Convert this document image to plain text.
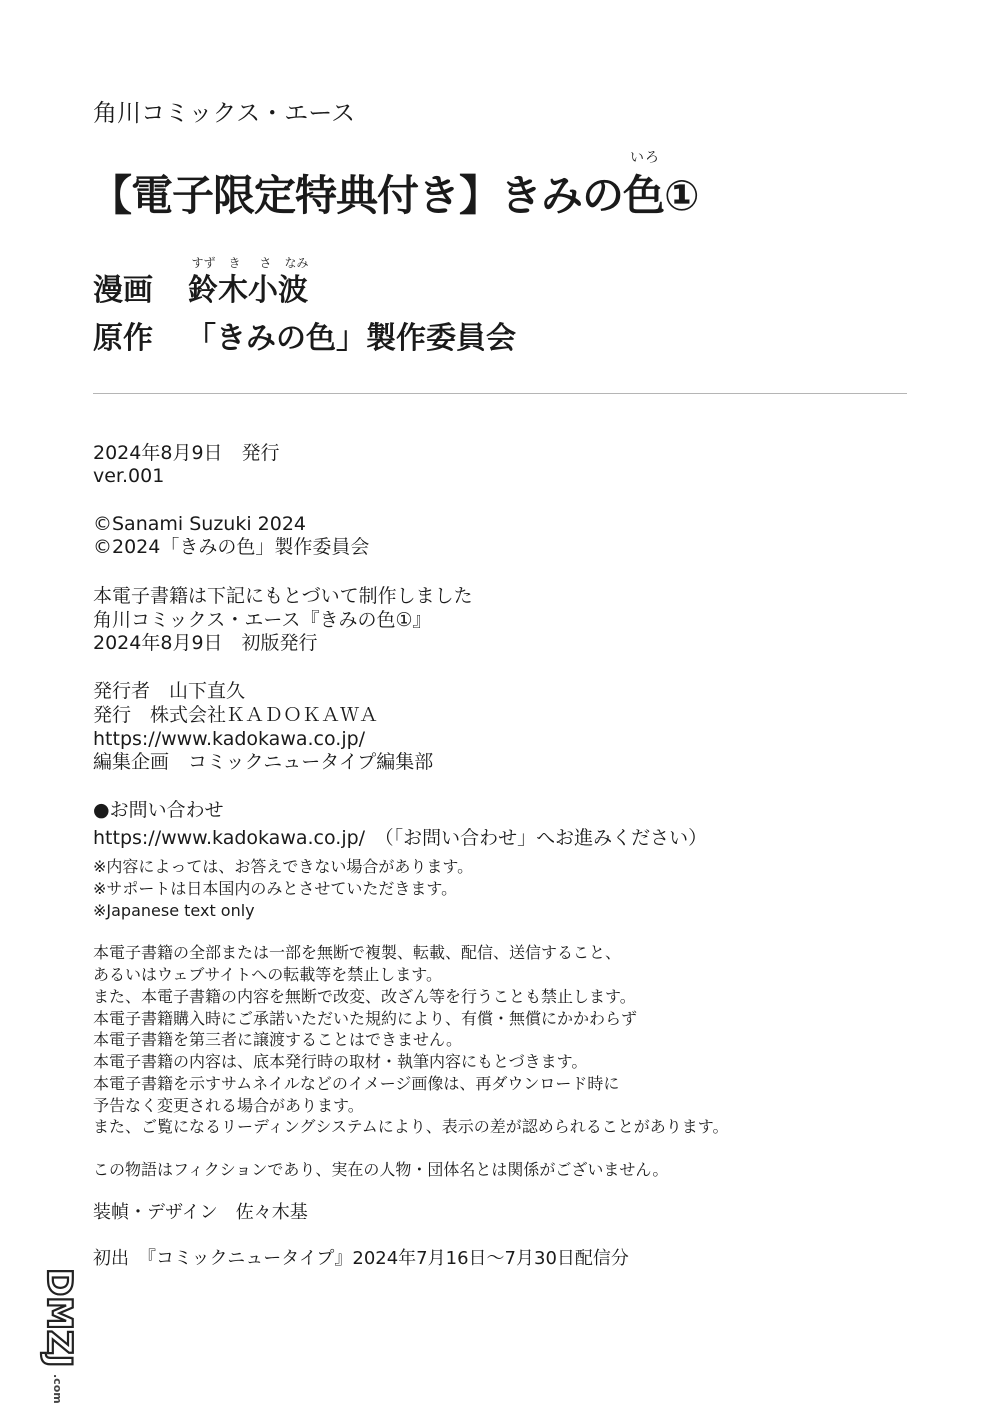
角川コミックス・エース
【電子限定特典付き】きみの色①
いろ
漫画 鈴木小波
すず	き	さ	なみ
原作 「きみの色」製作委員会
2024年8月9日　発行
ver.001
©Sanami Suzuki 2024
©2024「きみの色」製作委員会
本電子書籍は下記にもとづいて制作しました
角川コミックス・エース『きみの色①』
2024年8月9日　初版発行
発行者　山下直久
発行　株式会社ＫＡＤＯＫＡＷＡ
https://www.kadokawa.co.jp/
編集企画　コミックニュータイプ編集部
●お問い合わせ
https://www.kadokawa.co.jp/　（「お問い合わせ」へお進みください）
※内容によっては、お答えできない場合があります。
※サポートは日本国内のみとさせていただきます。
※Japanese text only
本電子書籍の全部または一部を無断で複製、転載、配信、送信すること、
あるいはウェブサイトへの転載等を禁止します。
また、本電子書籍の内容を無断で改変、改ざん等を行うことも禁止します。
本電子書籍購入時にご承諾いただいた規約により、有償・無償にかかわらず
本電子書籍を第三者に譲渡することはできません。
本電子書籍の内容は、底本発行時の取材・執筆内容にもとづきます。
本電子書籍を示すサムネイルなどのイメージ画像は、再ダウンロード時に
予告なく変更される場合があります。
また、ご覧になるリーディングシステムにより、表示の差が認められることがあります。
この物語はフィクションであり、実在の人物・団体名とは関係がございません。
装幀・デザイン　佐々木基
初出　『コミックニュータイプ』2024年7月16日〜7月30日配信分
DMZJ
.com
